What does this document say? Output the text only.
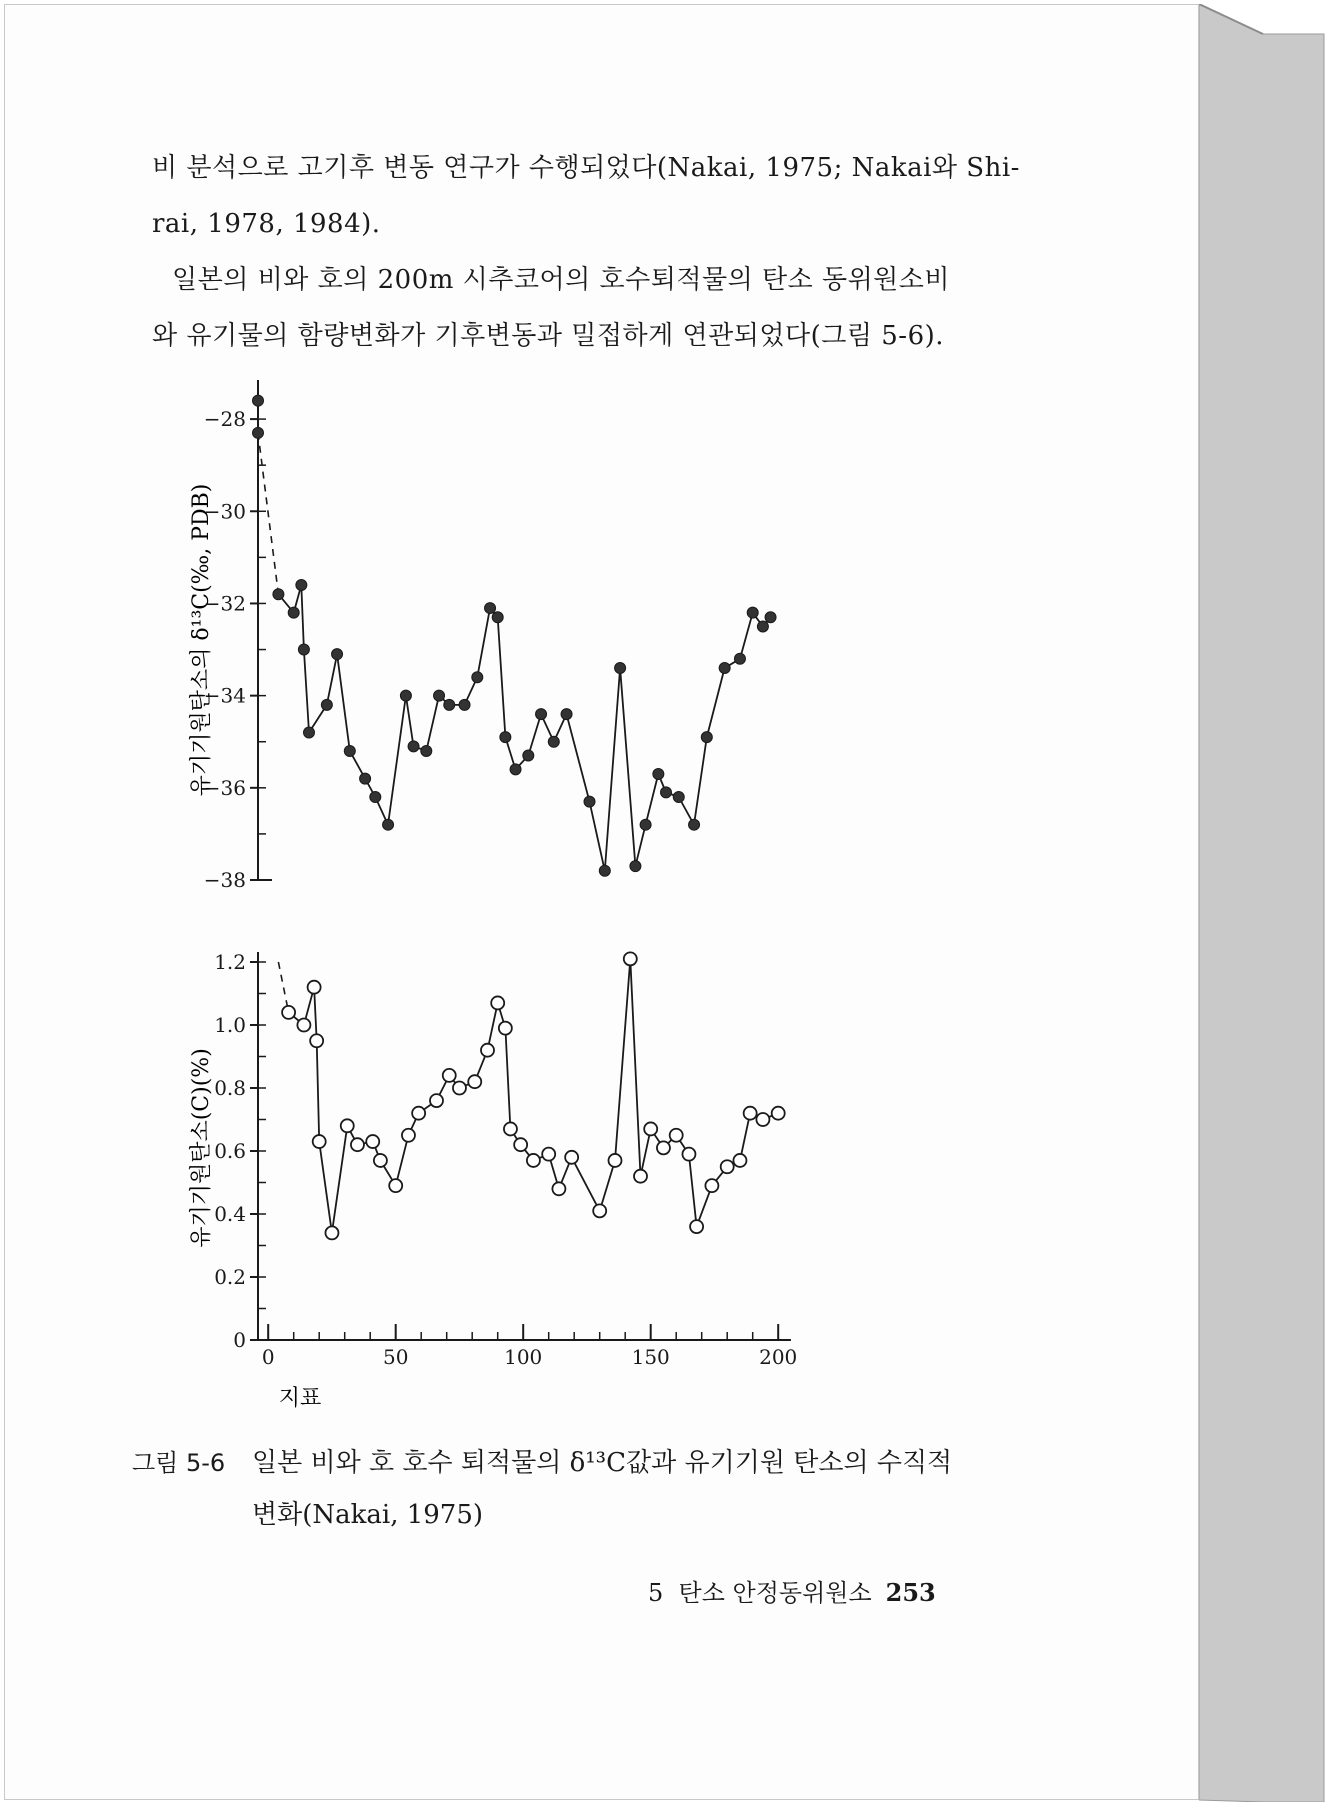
비 분석으로 고기후 변동 연구가 수행되었다(Nakai, 1975; Nakai와 Shi-
rai, 1978, 1984).
일본의 비와 호의 200m 시추코어의 호수퇴적물의 탄소 동위원소비
와 유기물의 함량변화가 기후변동과 밀접하게 연관되었다(그림 5-6).
−28
−30
−32
−34
−36
−38
유기기원탄소의 δ¹³C(‰, PDB)
0
0.2
0.4
0.6
0.8
1.0
1.2
0	50	100	150	200
유기기원탄소(C)(%)
지표
그림 5-6 일본 비와 호 호수 퇴적물의 δ¹³C값과 유기기원 탄소의 수직적
변화(Nakai, 1975)
5  탄소 안정동위원소 253
